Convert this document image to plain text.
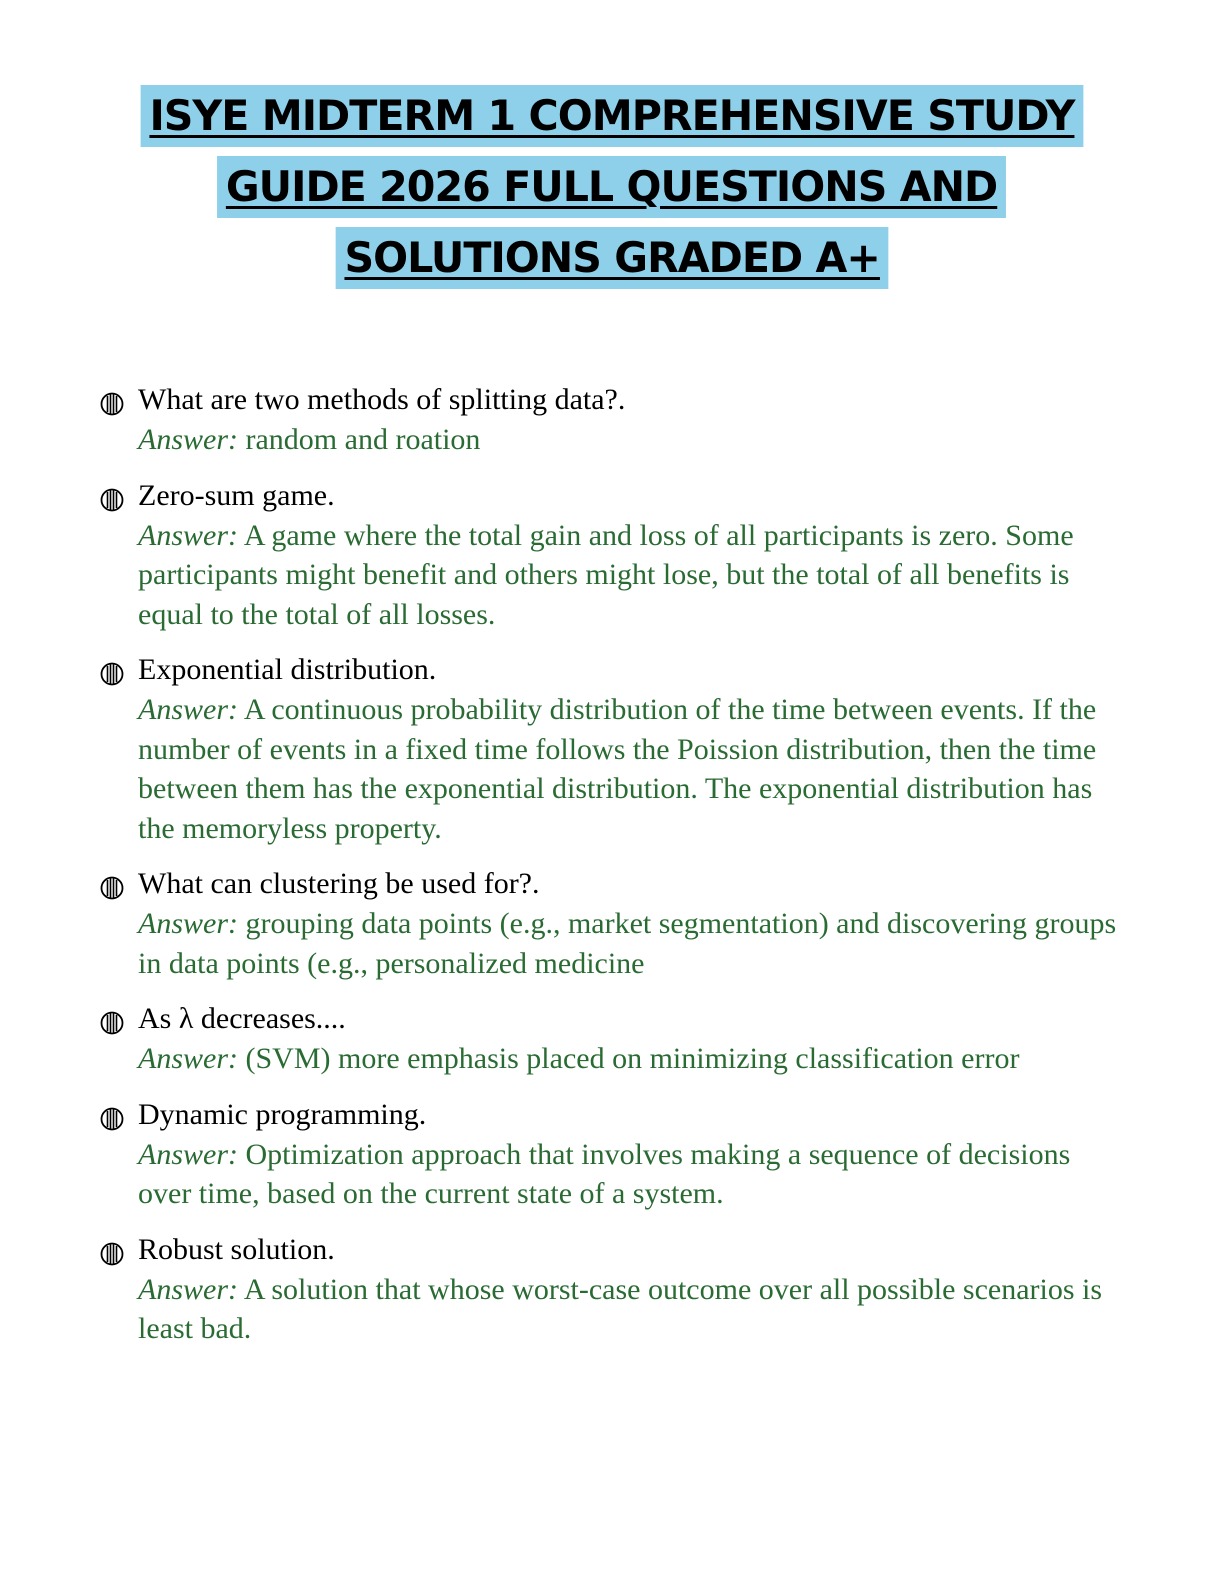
ISYE MIDTERM 1 COMPREHENSIVE STUDY
GUIDE 2026 FULL QUESTIONS AND
SOLUTIONS GRADED A+
What are two methods of splitting data?.
Answer: random and roation
Zero-sum game.
Answer: A game where the total gain and loss of all participants is zero. Some participants might benefit and others might lose, but the total of all benefits is equal to the total of all losses.
Exponential distribution.
Answer: A continuous probability distribution of the time between events. If the number of events in a fixed time follows the Poission distribution, then the time between them has the exponential distribution. The exponential distribution has the memoryless property.
What can clustering be used for?.
Answer: grouping data points (e.g., market segmentation) and discovering groups in data points (e.g., personalized medicine
As λ decreases....
Answer: (SVM) more emphasis placed on minimizing classification error
Dynamic programming.
Answer: Optimization approach that involves making a sequence of decisions over time, based on the current state of a system.
Robust solution.
Answer: A solution that whose worst-case outcome over all possible scenarios is least bad.
